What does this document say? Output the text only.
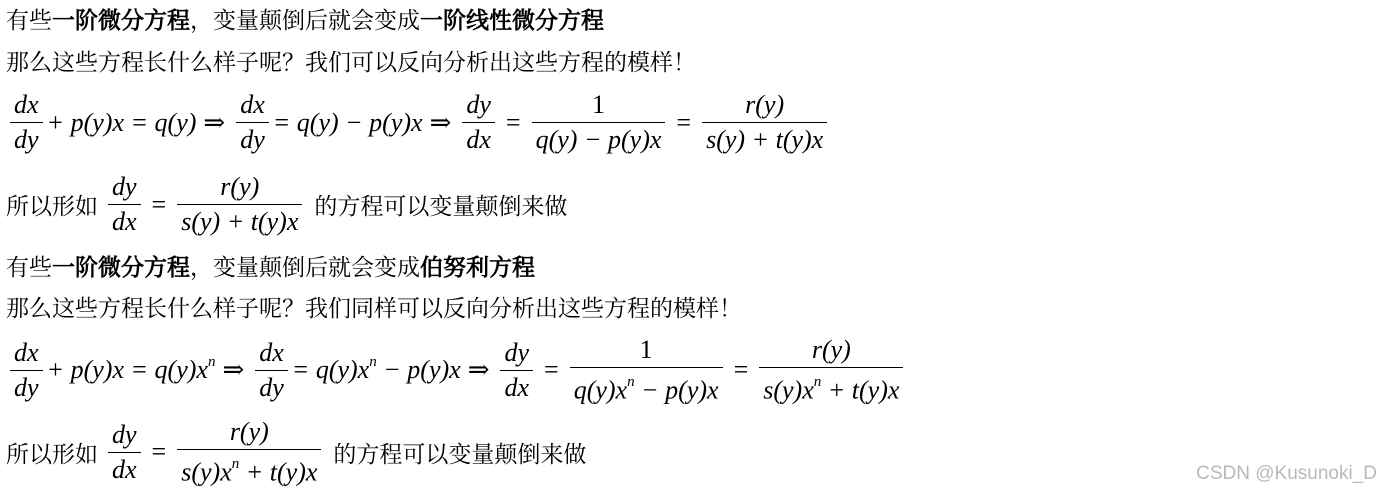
有些一阶微分方程，变量颠倒后就会变成一阶线性微分方程
那么这些方程长什么样子呢？我们可以反向分析出这些方程的模样！
$\frac{dx}{dy} + p(y)x = q(y)$ ⇒ $\frac{dx}{dy} = q(y) - p(y)x$ ⇒ $\frac{dy}{dx} = \frac{1}{q(y) - p(y)x} = \frac{r(y)}{s(y) + t(y)x}$
所以形如 $\frac{dy}{dx} = \frac{r(y)}{s(y) + t(y)x}$ 的方程可以变量颠倒来做
有些一阶微分方程，变量颠倒后就会变成伯努利方程
那么这些方程长什么样子呢？我们同样可以反向分析出这些方程的模样！
$\frac{dx}{dy} + p(y)x = q(y)x^n$ ⇒ $\frac{dx}{dy} = q(y)x^n - p(y)x$ ⇒ $\frac{dy}{dx} = \frac{1}{q(y)x^n - p(y)x} = \frac{r(y)}{s(y)x^n + t(y)x}$
所以形如 $\frac{dy}{dx} = \frac{r(y)}{s(y)x^n + t(y)x}$ 的方程可以变量颠倒来做
CSDN @Kusunoki_D
